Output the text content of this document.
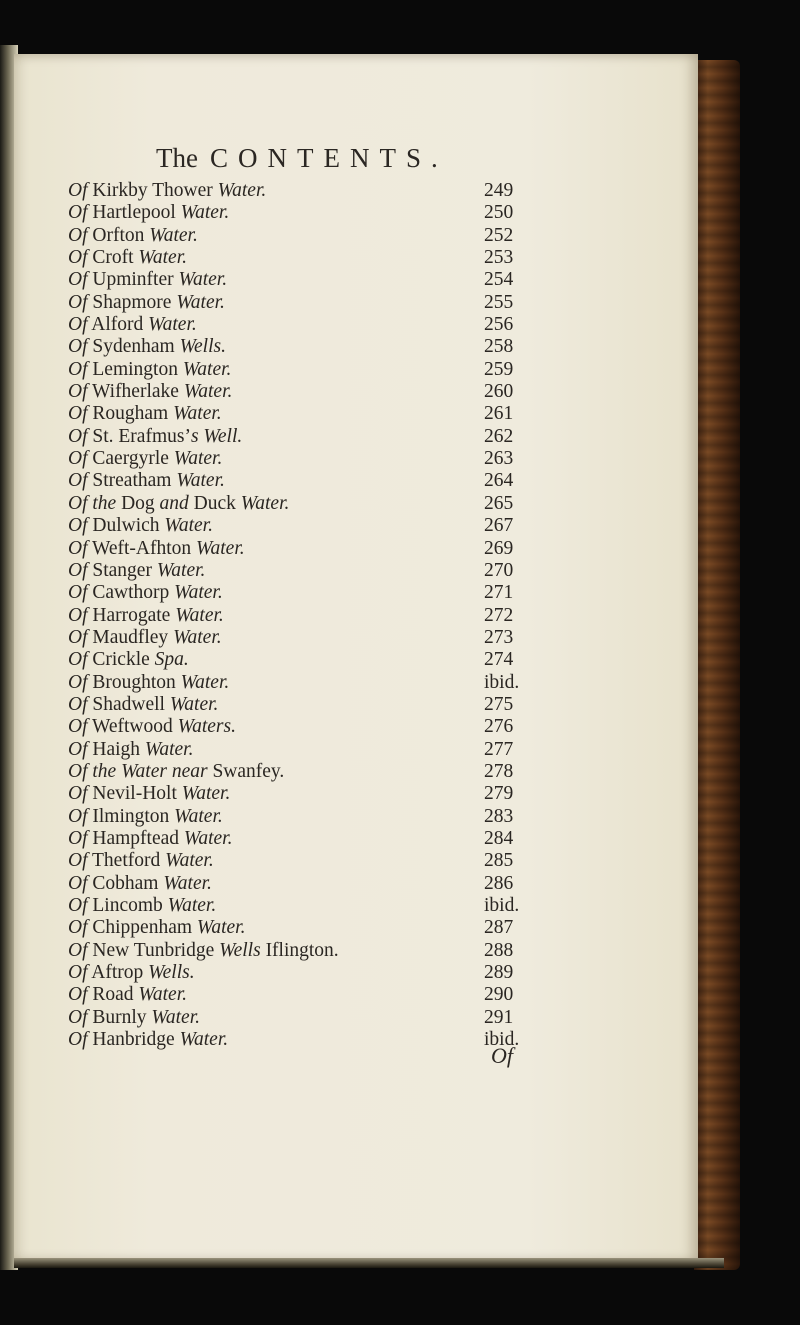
The CONTENTS.
Of Kirkby Thower Water.	249
Of Hartlepool Water.	250
Of Orfton Water.	252
Of Croft Water.	253
Of Upminfter Water.	254
Of Shapmore Water.	255
Of Alford Water.	256
Of Sydenham Wells.	258
Of Lemington Water.	259
Of Wifherlake Water.	260
Of Rougham Water.	261
Of St. Erafmus’s Well.	262
Of Caergyrle Water.	263
Of Streatham Water.	264
Of the Dog and Duck Water.	265
Of Dulwich Water.	267
Of Weft-Afhton Water.	269
Of Stanger Water.	270
Of Cawthorp Water.	271
Of Harrogate Water.	272
Of Maudfley Water.	273
Of Crickle Spa.	274
Of Broughton Water.	ibid.
Of Shadwell Water.	275
Of Weftwood Waters.	276
Of Haigh Water.	277
Of the Water near Swanfey.	278
Of Nevil-Holt Water.	279
Of Ilmington Water.	283
Of Hampftead Water.	284
Of Thetford Water.	285
Of Cobham Water.	286
Of Lincomb Water.	ibid.
Of Chippenham Water.	287
Of New Tunbridge Wells Iflington.	288
Of Aftrop Wells.	289
Of Road Water.	290
Of Burnly Water.	291
Of Hanbridge Water.	ibid.
Of
